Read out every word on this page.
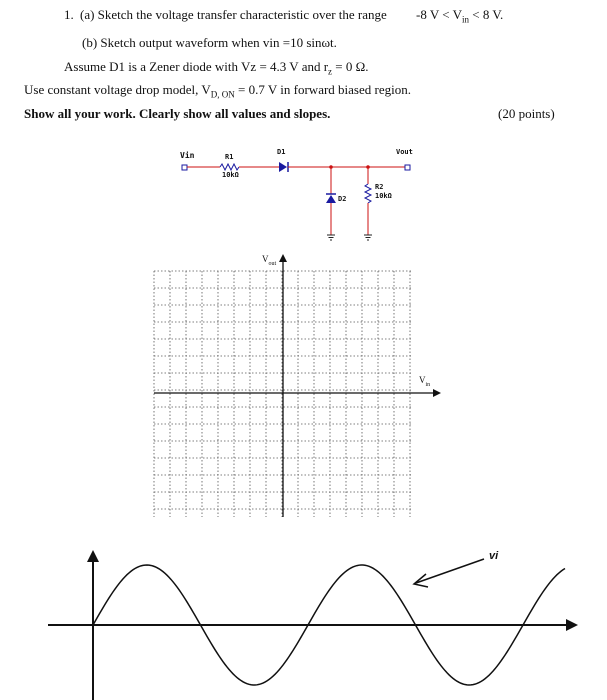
1. (a) Sketch the voltage transfer characteristic over the range -8 $V < V_{in} < 8$ V.
(b) Sketch output waveform when vin =10 sinωt.
Assume D1 is a Zener diode with Vz = 4.3 V and $r_z = 0$ Ω.
Use constant voltage drop model, $V_{D, ON} = 0.7$ V in forward biased region.
Show all your work. Clearly show all values and slopes.	(20 points)
Vin	R1
10kΩ
D1	Vout
D2
R2
10kΩ
$V_{out}$
$V_{in}$
vi
